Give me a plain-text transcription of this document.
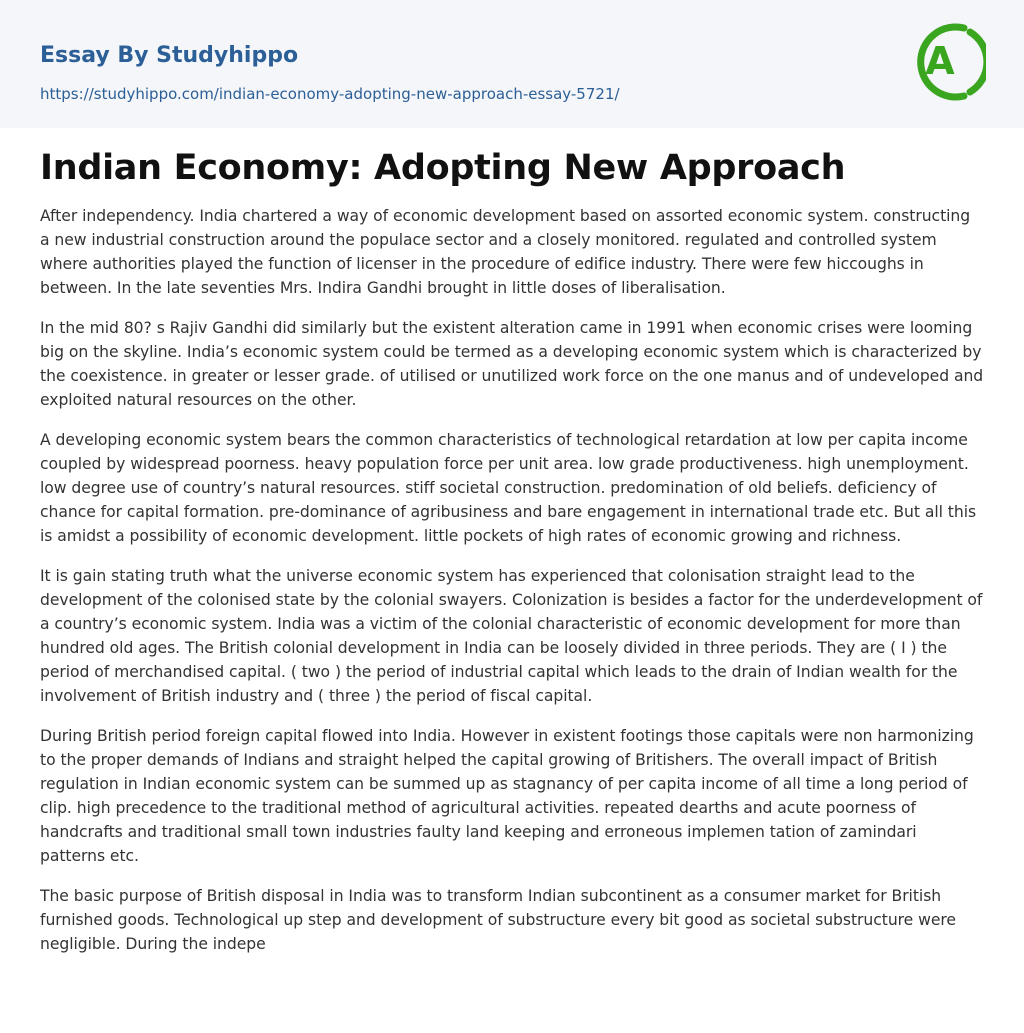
Essay By Studyhippo
https://studyhippo.com/indian-economy-adopting-new-approach-essay-5721/
A
Indian Economy: Adopting New Approach

After independency. India chartered a way of economic development based on assorted economic system. constructing a new industrial construction around the populace sector and a closely monitored. regulated and controlled system where authorities played the function of licenser in the procedure of edifice industry. There were few hiccoughs in between. In the late seventies Mrs. Indira Gandhi brought in little doses of liberalisation.

In the mid 80? s Rajiv Gandhi did similarly but the existent alteration came in 1991 when economic crises were looming big on the skyline. India’s economic system could be termed as a developing economic system which is characterized by the coexistence. in greater or lesser grade. of utilised or unutilized work force on the one manus and of undeveloped and exploited natural resources on the other.

A developing economic system bears the common characteristics of technological retardation at low per capita income coupled by widespread poorness. heavy population force per unit area. low grade productiveness. high unemployment. low degree use of country’s natural resources. stiff societal construction. predomination of old beliefs. deficiency of chance for capital formation. pre-dominance of agribusiness and bare engagement in international trade etc. But all this is amidst a possibility of economic development. little pockets of high rates of economic growing and richness.

It is gain stating truth what the universe economic system has experienced that colonisation straight lead to the development of the colonised state by the colonial swayers. Colonization is besides a factor for the underdevelopment of a country’s economic system. India was a victim of the colonial characteristic of economic development for more than hundred old ages. The British colonial development in India can be loosely divided in three periods. They are ( I ) the period of merchandised capital. ( two ) the period of industrial capital which leads to the drain of Indian wealth for the involvement of British industry and ( three ) the period of fiscal capital.

During British period foreign capital flowed into India. However in existent footings those capitals were non harmonizing to the proper demands of Indians and straight helped the capital growing of Britishers. The overall impact of British regulation in Indian economic system can be summed up as stagnancy of per capita income of all time a long period of clip. high precedence to the traditional method of agricultural activities. repeated dearths and acute poorness of handcrafts and traditional small town industries faulty land keeping and erroneous implemen tation of zamindari patterns etc.

The basic purpose of British disposal in India was to transform Indian subcontinent as a consumer market for British furnished goods. Technological up step and development of substructure every bit good as societal substructure were negligible. During the indepe
